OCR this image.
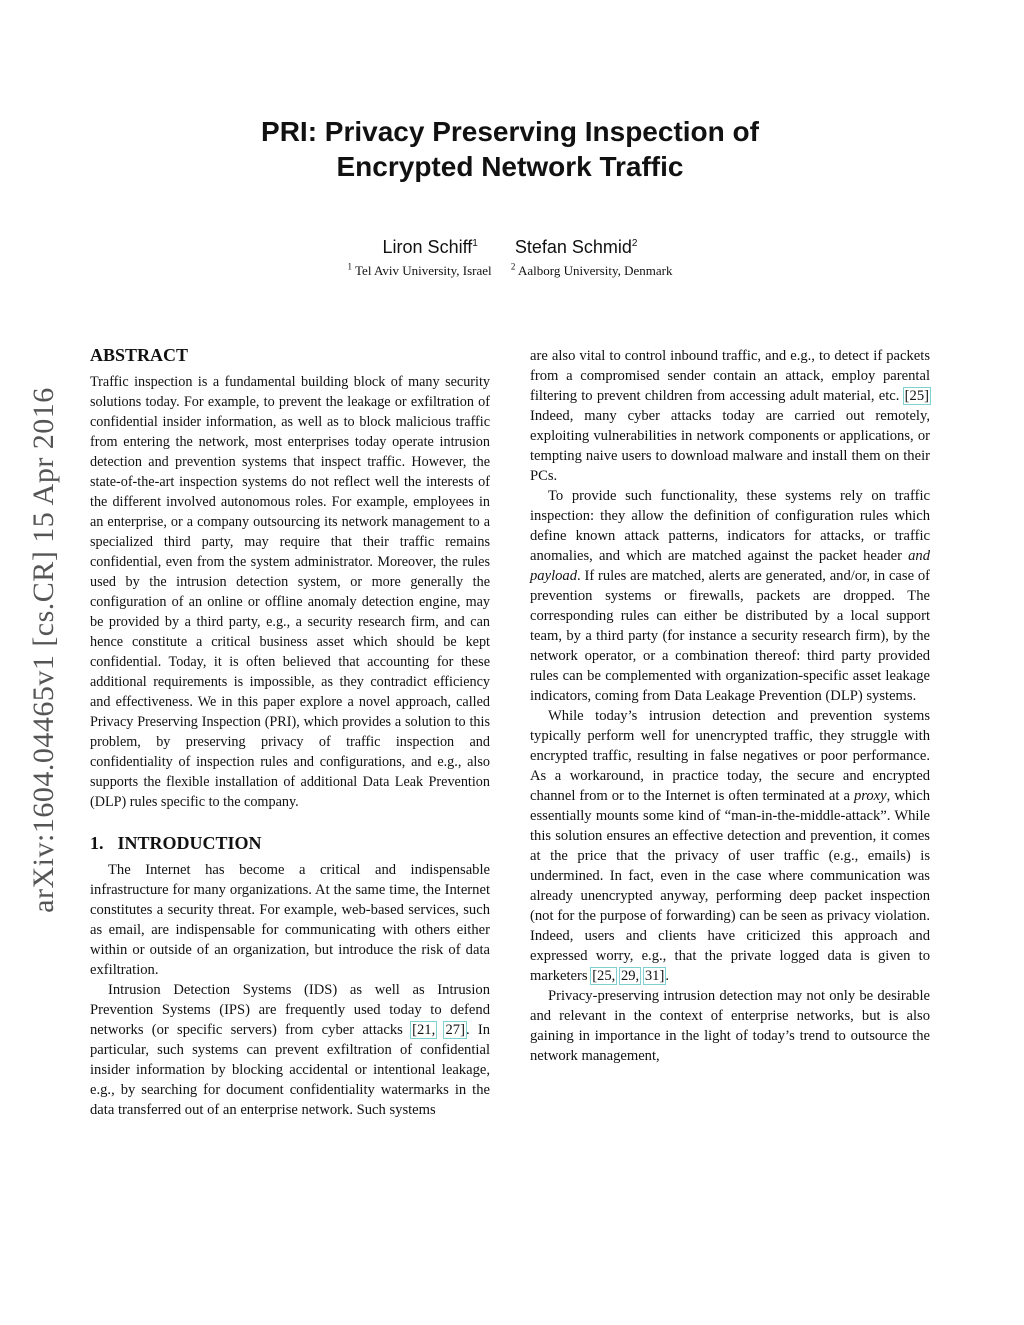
arXiv:1604.04465v1 [cs.CR] 15 Apr 2016
PRI: Privacy Preserving Inspection of
Encrypted Network Traffic
Liron Schiff$^1$ Stefan Schmid$^2$
$^1$ Tel Aviv University, Israel $^2$ Aalborg University, Denmark
ABSTRACT

Traffic inspection is a fundamental building block of many security solutions today. For example, to prevent the leakage or exfiltration of confidential insider information, as well as to block malicious traffic from entering the network, most enterprises today operate intrusion detection and prevention systems that inspect traffic. However, the state-of-the-art inspection systems do not reflect well the interests of the different involved autonomous roles. For example, employees in an enterprise, or a company outsourcing its network management to a specialized third party, may require that their traffic remains confidential, even from the system administrator. Moreover, the rules used by the intrusion detection system, or more generally the configuration of an online or offline anomaly detection engine, may be provided by a third party, e.g., a security research firm, and can hence constitute a critical business asset which should be kept confidential. Today, it is often believed that accounting for these additional requirements is impossible, as they contradict efficiency and effectiveness. We in this paper explore a novel approach, called Privacy Preserving Inspection (PRI), which provides a solution to this problem, by preserving privacy of traffic inspection and confidentiality of inspection rules and configurations, and e.g., also supports the flexible installation of additional Data Leak Prevention (DLP) rules specific to the company.

1. INTRODUCTION

The Internet has become a critical and indispensable infrastructure for many organizations. At the same time, the Internet constitutes a security threat. For example, web-based services, such as email, are indispensable for communicating with others either within or outside of an organization, but introduce the risk of data exfiltration.

Intrusion Detection Systems (IDS) as well as Intrusion Prevention Systems (IPS) are frequently used today to defend networks (or specific servers) from cyber attacks [21, 27]. In particular, such systems can prevent exfiltration of confidential insider information by blocking accidental or intentional leakage, e.g., by searching for document confidentiality watermarks in the data transferred out of an enterprise network. Such systems

are also vital to control inbound traffic, and e.g., to detect if packets from a compromised sender contain an attack, employ parental filtering to prevent children from accessing adult material, etc. [25] Indeed, many cyber attacks today are carried out remotely, exploiting vulnerabilities in network components or applications, or tempting naive users to download malware and install them on their PCs.

To provide such functionality, these systems rely on traffic inspection: they allow the definition of configuration rules which define known attack patterns, indicators for attacks, or traffic anomalies, and which are matched against the packet header and payload. If rules are matched, alerts are generated, and/or, in case of prevention systems or firewalls, packets are dropped. The corresponding rules can either be distributed by a local support team, by a third party (for instance a security research firm), by the network operator, or a combination thereof: third party provided rules can be complemented with organization-specific asset leakage indicators, coming from Data Leakage Prevention (DLP) systems.

While today’s intrusion detection and prevention systems typically perform well for unencrypted traffic, they struggle with encrypted traffic, resulting in false negatives or poor performance. As a workaround, in practice today, the secure and encrypted channel from or to the Internet is often terminated at a proxy, which essentially mounts some kind of “man-in-the-middle-attack”. While this solution ensures an effective detection and prevention, it comes at the price that the privacy of user traffic (e.g., emails) is undermined. In fact, even in the case where communication was already unencrypted anyway, performing deep packet inspection (not for the purpose of forwarding) can be seen as privacy violation. Indeed, users and clients have criticized this approach and expressed worry, e.g., that the private logged data is given to marketers [25, 29, 31].

Privacy-preserving intrusion detection may not only be desirable and relevant in the context of enterprise networks, but is also gaining in importance in the light of today’s trend to outsource the network management,
